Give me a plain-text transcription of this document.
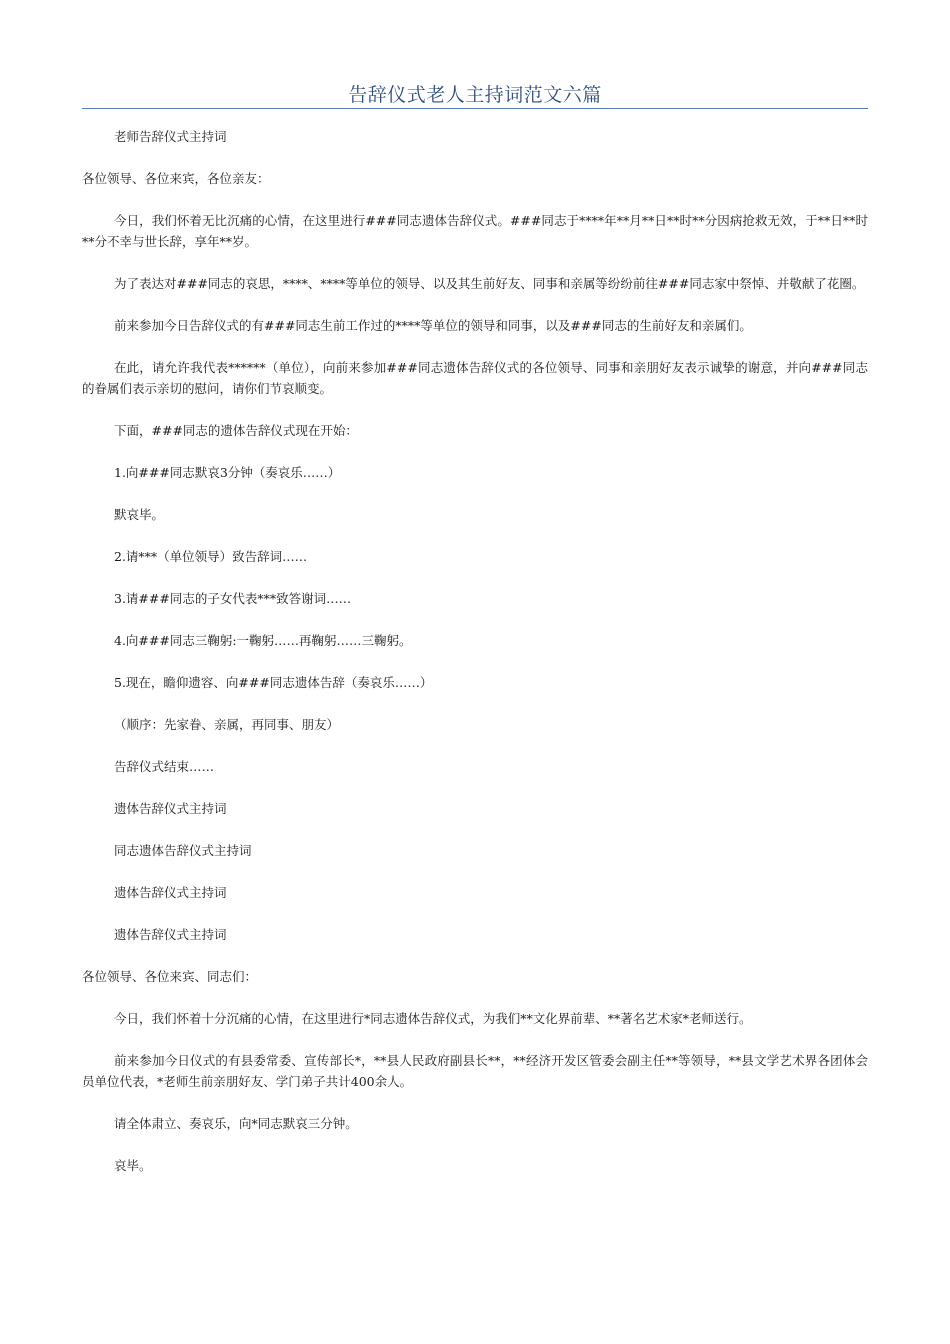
告辞仪式老人主持词范文六篇

老师告辞仪式主持词

各位领导、各位来宾，各位亲友：

今日，我们怀着无比沉痛的心情，在这里进行###同志遗体告辞仪式。###同志于****年**月**日**时**分因病抢救无效，于**日**时**分不幸与世长辞，享年**岁。

为了表达对###同志的哀思，****、****等单位的领导、以及其生前好友、同事和亲属等纷纷前往###同志家中祭悼、并敬献了花圈。

前来参加今日告辞仪式的有###同志生前工作过的****等单位的领导和同事，以及###同志的生前好友和亲属们。

在此，请允许我代表******（单位），向前来参加###同志遗体告辞仪式的各位领导、同事和亲朋好友表示诚挚的谢意，并向###同志的眷属们表示亲切的慰问，请你们节哀顺变。

下面，###同志的遗体告辞仪式现在开始：

1.向###同志默哀3分钟（奏哀乐……）

默哀毕。

2.请***（单位领导）致告辞词……

3.请###同志的子女代表***致答谢词……

4.向###同志三鞠躬:一鞠躬……再鞠躬……三鞠躬。

5.现在，瞻仰遗容、向###同志遗体告辞（奏哀乐……）

（顺序：先家眷、亲属，再同事、朋友）

告辞仪式结束……

遗体告辞仪式主持词

同志遗体告辞仪式主持词

遗体告辞仪式主持词

遗体告辞仪式主持词

各位领导、各位来宾、同志们：

今日，我们怀着十分沉痛的心情，在这里进行*同志遗体告辞仪式，为我们**文化界前辈、**著名艺术家*老师送行。

前来参加今日仪式的有县委常委、宣传部长*，**县人民政府副县长**，**经济开发区管委会副主任**等领导，**县文学艺术界各团体会员单位代表，*老师生前亲朋好友、学门弟子共计400余人。

请全体肃立、奏哀乐，向*同志默哀三分钟。

哀毕。
